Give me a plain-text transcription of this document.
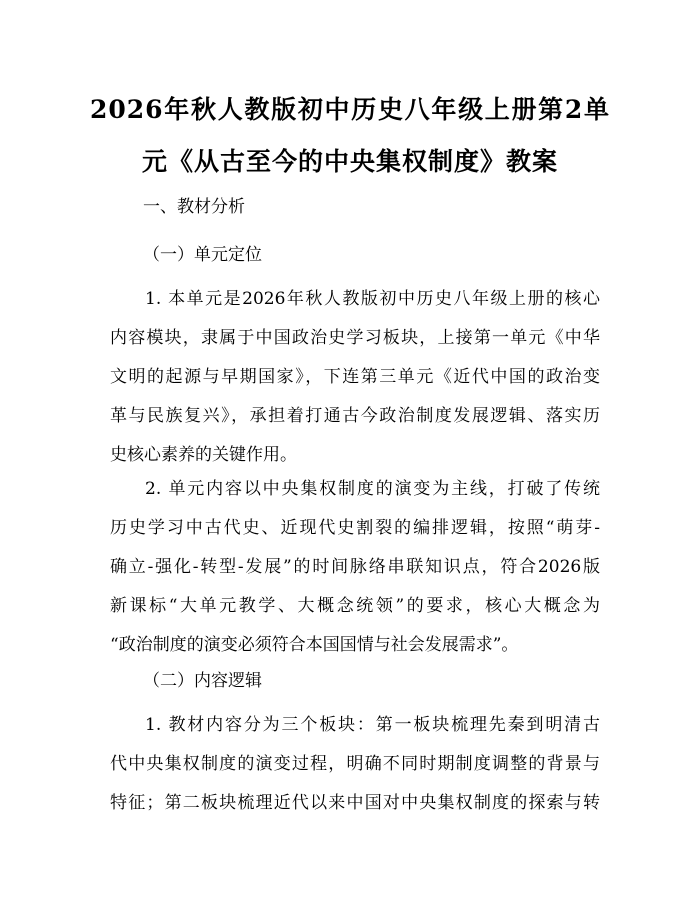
2026年秋人教版初中历史八年级上册第2单
元《从古至今的中央集权制度》教案
一、教材分析
（一）单元定位
1. 本单元是2026年秋人教版初中历史八年级上册的核心
内容模块，隶属于中国政治史学习板块，上接第一单元《中华
文明的起源与早期国家》，下连第三单元《近代中国的政治变
革与民族复兴》，承担着打通古今政治制度发展逻辑、落实历
史核心素养的关键作用。
2. 单元内容以中央集权制度的演变为主线，打破了传统
历史学习中古代史、近现代史割裂的编排逻辑，按照“萌芽-
确立-强化-转型-发展”的时间脉络串联知识点，符合2026版
新课标“大单元教学、大概念统领”的要求，核心大概念为
“政治制度的演变必须符合本国国情与社会发展需求”。
（二）内容逻辑
1. 教材内容分为三个板块：第一板块梳理先秦到明清古
代中央集权制度的演变过程，明确不同时期制度调整的背景与
特征；第二板块梳理近代以来中国对中央集权制度的探索与转
